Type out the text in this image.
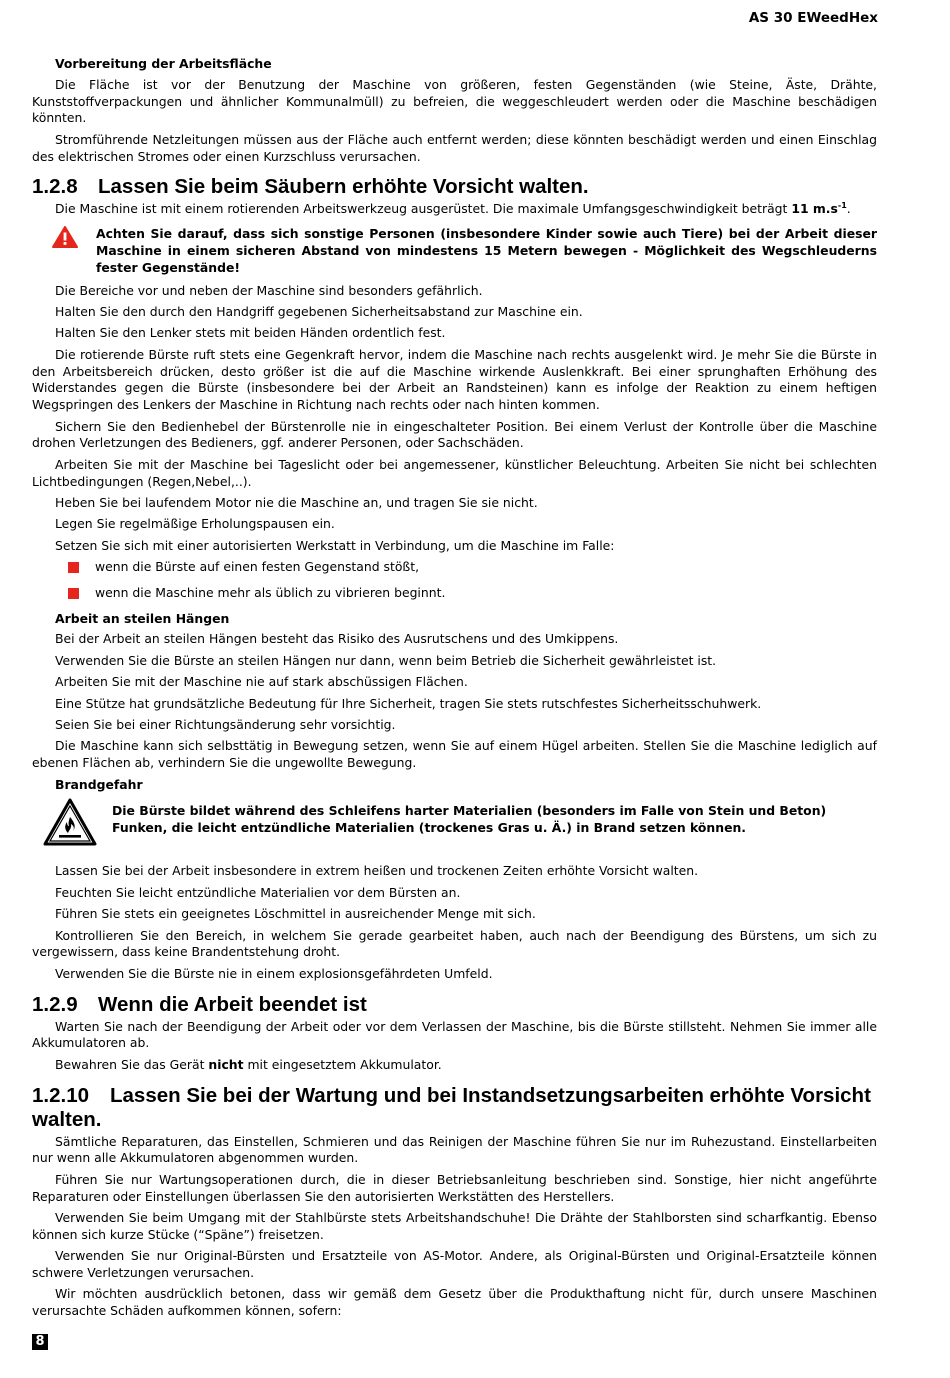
AS 30 EWeedHex
Vorbereitung der Arbeitsfläche

Die Fläche ist vor der Benutzung der Maschine von größeren, festen Gegenständen (wie Steine, Äste, Drähte, Kunststoffverpackungen und ähnlicher Kommunalmüll) zu befreien, die weggeschleudert werden oder die Maschine beschädigen könnten.

Stromführende Netzleitungen müssen aus der Fläche auch entfernt werden; diese könnten beschädigt werden und einen Einschlag des elektrischen Stromes oder einen Kurzschluss verursachen.

1.2.8 Lassen Sie beim Säubern erhöhte Vorsicht walten.

Die Maschine ist mit einem rotierenden Arbeitswerkzeug ausgerüstet. Die maximale Umfangsgeschwindigkeit beträgt 11 $m.s^{-1}$.

Achten Sie darauf, dass sich sonstige Personen (insbesondere Kinder sowie auch Tiere) bei der Arbeit dieser Maschine in einem sicheren Abstand von mindestens 15 Metern bewegen - Möglichkeit des Wegschleuderns fester Gegenstände!

Die Bereiche vor und neben der Maschine sind besonders gefährlich.

Halten Sie den durch den Handgriff gegebenen Sicherheitsabstand zur Maschine ein.

Halten Sie den Lenker stets mit beiden Händen ordentlich fest.

Die rotierende Bürste ruft stets eine Gegenkraft hervor, indem die Maschine nach rechts ausgelenkt wird. Je mehr Sie die Bürste in den Arbeitsbereich drücken, desto größer ist die auf die Maschine wirkende Auslenkkraft. Bei einer sprunghaften Erhöhung des Widerstandes gegen die Bürste (insbesondere bei der Arbeit an Randsteinen) kann es infolge der Reaktion zu einem heftigen Wegspringen des Lenkers der Maschine in Richtung nach rechts oder nach hinten kommen.

Sichern Sie den Bedienhebel der Bürstenrolle nie in eingeschalteter Position. Bei einem Verlust der Kontrolle über die Maschine drohen Verletzungen des Bedieners, ggf. anderer Personen, oder Sachschäden.

Arbeiten Sie mit der Maschine bei Tageslicht oder bei angemessener, künstlicher Beleuchtung. Arbeiten Sie nicht bei schlechten Lichtbedingungen (Regen,Nebel,..).

Heben Sie bei laufendem Motor nie die Maschine an, und tragen Sie sie nicht.

Legen Sie regelmäßige Erholungspausen ein.

Setzen Sie sich mit einer autorisierten Werkstatt in Verbindung, um die Maschine im Falle:

wenn die Bürste auf einen festen Gegenstand stößt,
wenn die Maschine mehr als üblich zu vibrieren beginnt.
Arbeit an steilen Hängen

Bei der Arbeit an steilen Hängen besteht das Risiko des Ausrutschens und des Umkippens.

Verwenden Sie die Bürste an steilen Hängen nur dann, wenn beim Betrieb die Sicherheit gewährleistet ist.

Arbeiten Sie mit der Maschine nie auf stark abschüssigen Flächen.

Eine Stütze hat grundsätzliche Bedeutung für Ihre Sicherheit, tragen Sie stets rutschfestes Sicherheitsschuhwerk.

Seien Sie bei einer Richtungsänderung sehr vorsichtig.

Die Maschine kann sich selbsttätig in Bewegung setzen, wenn Sie auf einem Hügel arbeiten. Stellen Sie die Maschine lediglich auf ebenen Flächen ab, verhindern Sie die ungewollte Bewegung.

Brandgefahr
Die Bürste bildet während des Schleifens harter Materialien (besonders im Falle von Stein und Beton) Funken, die leicht entzündliche Materialien (trockenes Gras u. Ä.) in Brand setzen können.

Lassen Sie bei der Arbeit insbesondere in extrem heißen und trockenen Zeiten erhöhte Vorsicht walten.

Feuchten Sie leicht entzündliche Materialien vor dem Bürsten an.

Führen Sie stets ein geeignetes Löschmittel in ausreichender Menge mit sich.

Kontrollieren Sie den Bereich, in welchem Sie gerade gearbeitet haben, auch nach der Beendigung des Bürstens, um sich zu vergewissern, dass keine Brandentstehung droht.

Verwenden Sie die Bürste nie in einem explosionsgefährdeten Umfeld.

1.2.9 Wenn die Arbeit beendet ist

Warten Sie nach der Beendigung der Arbeit oder vor dem Verlassen der Maschine, bis die Bürste stillsteht. Nehmen Sie immer alle Akkumulatoren ab.

Bewahren Sie das Gerät nicht mit eingesetztem Akkumulator.

1.2.10 Lassen Sie bei der Wartung und bei Instandsetzungsarbeiten erhöhte Vorsicht walten.

Sämtliche Reparaturen, das Einstellen, Schmieren und das Reinigen der Maschine führen Sie nur im Ruhezustand. Einstellarbeiten nur wenn alle Akkumulatoren abgenommen wurden.

Führen Sie nur Wartungsoperationen durch, die in dieser Betriebsanleitung beschrieben sind. Sonstige, hier nicht angeführte Reparaturen oder Einstellungen überlassen Sie den autorisierten Werkstätten des Herstellers.

Verwenden Sie beim Umgang mit der Stahlbürste stets Arbeitshandschuhe! Die Drähte der Stahlborsten sind scharfkantig. Ebenso können sich kurze Stücke (“Späne”) freisetzen.

Verwenden Sie nur Original-Bürsten und Ersatzteile von AS-Motor. Andere, als Original-Bürsten und Original-Ersatzteile können schwere Verletzungen verursachen.

Wir möchten ausdrücklich betonen, dass wir gemäß dem Gesetz über die Produkthaftung nicht für, durch unsere Maschinen verursachte Schäden aufkommen können, sofern:

8
